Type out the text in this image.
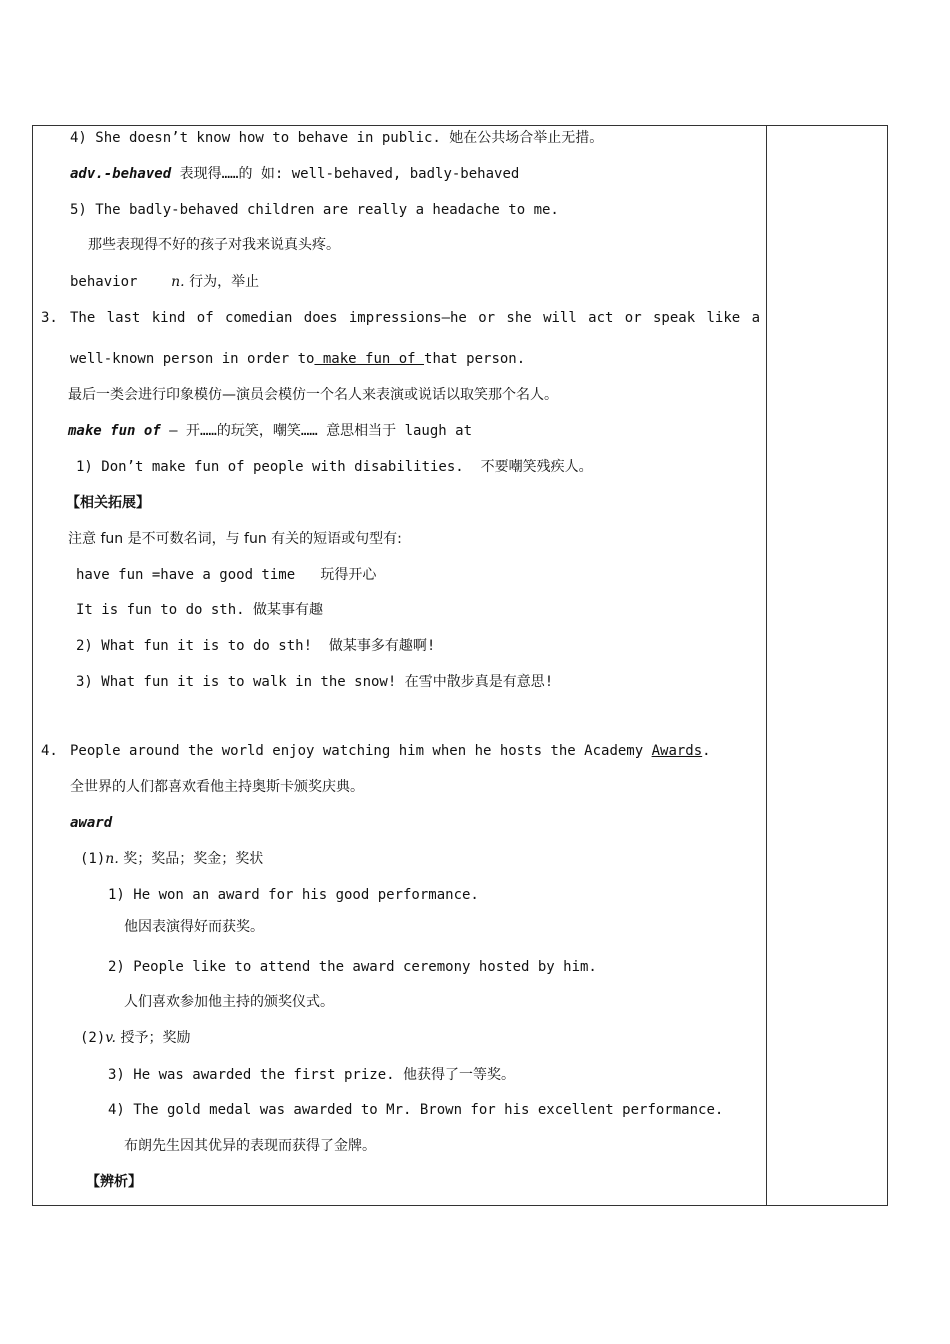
4) She doesn’t know how to behave in public. 她在公共场合举止无措。
adv.-behaved 表现得……的 如: well-behaved, badly-behaved
5) The badly-behaved children are really a headache to me.
那些表现得不好的孩子对我来说真头疼。
behavior n. 行为，举止
3. The last kind of comedian does impressions—he or she will act or speak like a
well-known person in order to make fun of that person.
最后一类会进行印象模仿—演员会模仿一个名人来表演或说话以取笑那个名人。
make fun of – 开……的玩笑，嘲笑…… 意思相当于 laugh at
1) Don’t make fun of people with disabilities.  不要嘲笑残疾人。
【相关拓展】
注意 fun 是不可数名词，与 fun 有关的短语或句型有:
have fun =have a good time   玩得开心
It is fun to do sth. 做某事有趣
2) What fun it is to do sth!  做某事多有趣啊!
3) What fun it is to walk in the snow! 在雪中散步真是有意思!
4. People around the world enjoy watching him when he hosts the Academy Awards.
全世界的人们都喜欢看他主持奥斯卡颁奖庆典。
award
(1)n. 奖；奖品；奖金；奖状
1) He won an award for his good performance.
他因表演得好而获奖。
2) People like to attend the award ceremony hosted by him.
人们喜欢参加他主持的颁奖仪式。
(2)v. 授予；奖励
3) He was awarded the first prize. 他获得了一等奖。
4) The gold medal was awarded to Mr. Brown for his excellent performance.
布朗先生因其优异的表现而获得了金牌。
【辨析】
